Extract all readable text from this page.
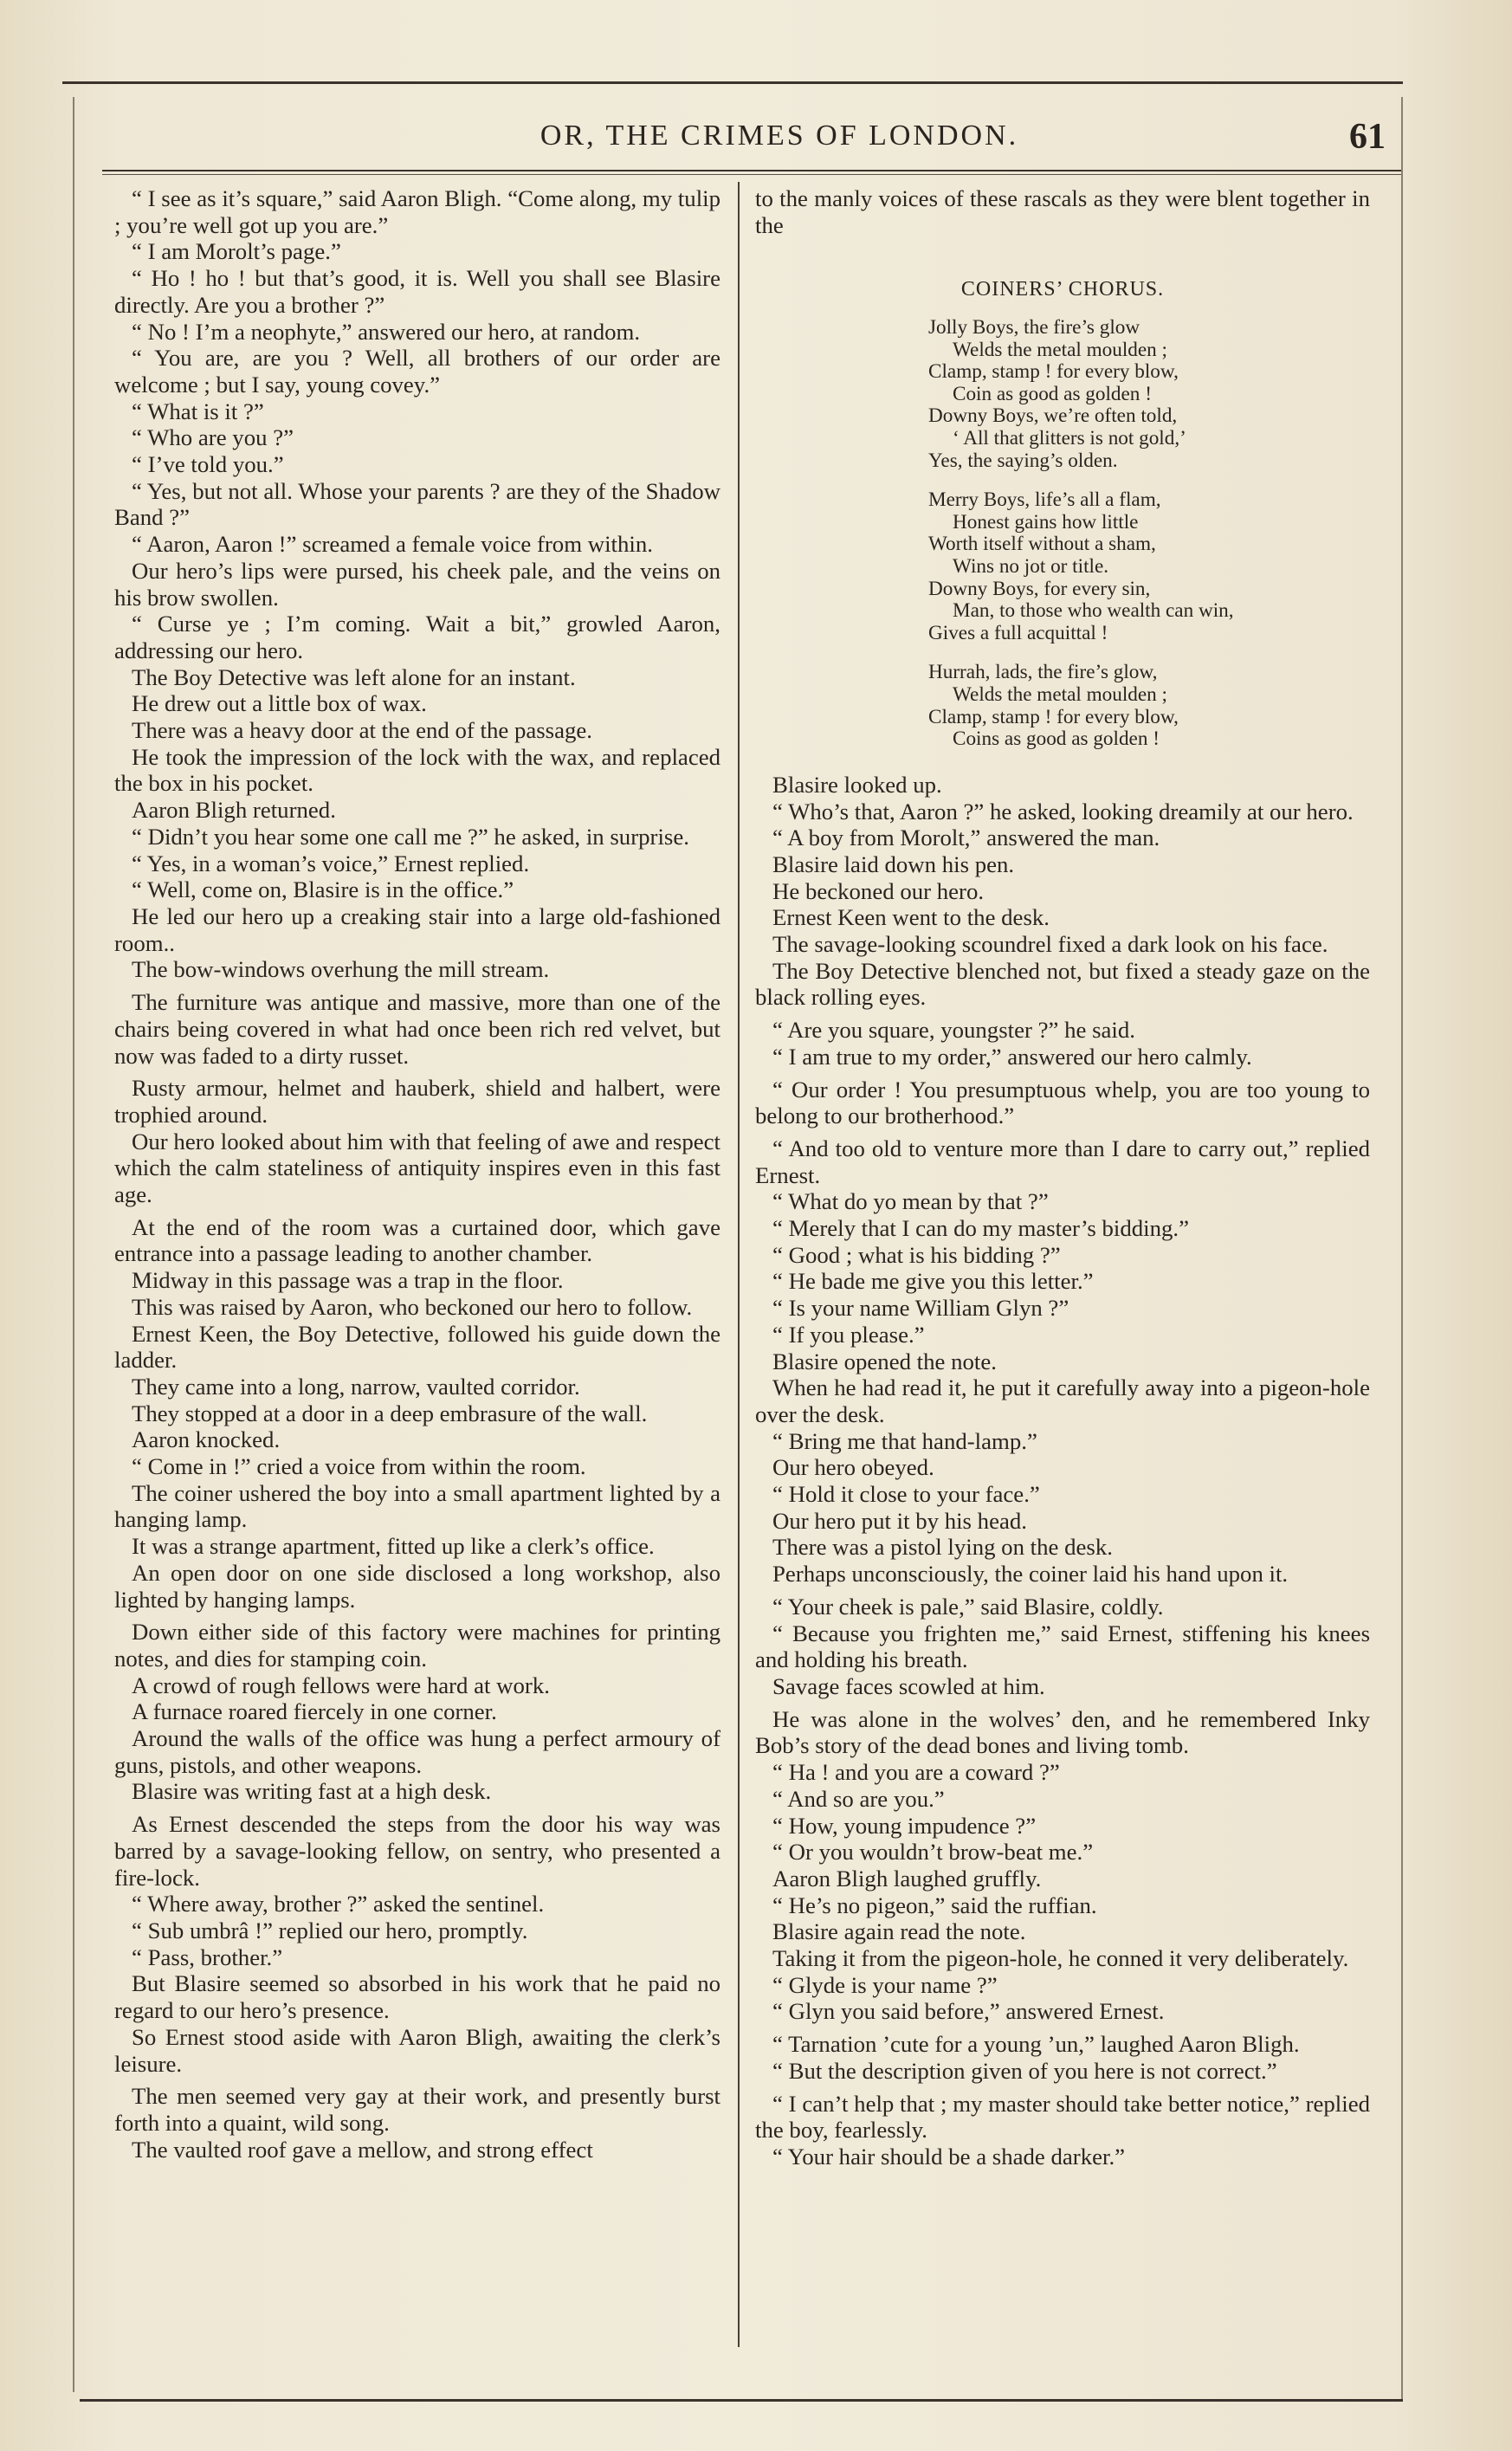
OR, THE CRIMES OF LONDON.	61

“ I see as it’s square,” said Aaron Bligh. “Come along, my tulip ; you’re well got up you are.”

“ I am Morolt’s page.”

“ Ho ! ho ! but that’s good, it is. Well you shall see Blasire directly. Are you a brother ?”

“ No ! I’m a neophyte,” answered our hero, at random.

“ You are, are you ? Well, all brothers of our order are welcome ; but I say, young covey.”

“ What is it ?”

“ Who are you ?”

“ I’ve told you.”

“ Yes, but not all. Whose your parents ? are they of the Shadow Band ?”

“ Aaron, Aaron !” screamed a female voice from within.

Our hero’s lips were pursed, his cheek pale, and the veins on his brow swollen.

“ Curse ye ; I’m coming. Wait a bit,” growled Aaron, addressing our hero.

The Boy Detective was left alone for an instant.

He drew out a little box of wax.

There was a heavy door at the end of the passage.

He took the impression of the lock with the wax, and replaced the box in his pocket.

Aaron Bligh returned.

“ Didn’t you hear some one call me ?” he asked, in surprise.

“ Yes, in a woman’s voice,” Ernest replied.

“ Well, come on, Blasire is in the office.”

He led our hero up a creaking stair into a large old-fashioned room..

The bow-windows overhung the mill stream.

The furniture was antique and massive, more than one of the chairs being covered in what had once been rich red velvet, but now was faded to a dirty russet.

Rusty armour, helmet and hauberk, shield and halbert, were trophied around.

Our hero looked about him with that feeling of awe and respect which the calm stateliness of antiquity inspires even in this fast age.

At the end of the room was a curtained door, which gave entrance into a passage leading to another chamber.

Midway in this passage was a trap in the floor.

This was raised by Aaron, who beckoned our hero to follow.

Ernest Keen, the Boy Detective, followed his guide down the ladder.

They came into a long, narrow, vaulted corridor.

They stopped at a door in a deep embrasure of the wall.

Aaron knocked.

“ Come in !” cried a voice from within the room.

The coiner ushered the boy into a small apartment lighted by a hanging lamp.

It was a strange apartment, fitted up like a clerk’s office.

An open door on one side disclosed a long workshop, also lighted by hanging lamps.

Down either side of this factory were machines for printing notes, and dies for stamping coin.

A crowd of rough fellows were hard at work.

A furnace roared fiercely in one corner.

Around the walls of the office was hung a perfect armoury of guns, pistols, and other weapons.

Blasire was writing fast at a high desk.

As Ernest descended the steps from the door his way was barred by a savage-looking fellow, on sentry, who presented a fire-lock.

“ Where away, brother ?” asked the sentinel.

“ Sub umbrâ !” replied our hero, promptly.

“ Pass, brother.”

But Blasire seemed so absorbed in his work that he paid no regard to our hero’s presence.

So Ernest stood aside with Aaron Bligh, awaiting the clerk’s leisure.

The men seemed very gay at their work, and presently burst forth into a quaint, wild song.

The vaulted roof gave a mellow, and strong effect

to the manly voices of these rascals as they were blent together in the

COINERS’ CHORUS.
Jolly Boys, the fire’s glow
Welds the metal moulden ;
Clamp, stamp ! for every blow,
Coin as good as golden !
Downy Boys, we’re often told,
‘ All that glitters is not gold,’
Yes, the saying’s olden.
Merry Boys, life’s all a flam,
Honest gains how little
Worth itself without a sham,
Wins no jot or title.
Downy Boys, for every sin,
Man, to those who wealth can win,
Gives a full acquittal !
Hurrah, lads, the fire’s glow,
Welds the metal moulden ;
Clamp, stamp ! for every blow,
Coins as good as golden !

Blasire looked up.

“ Who’s that, Aaron ?” he asked, looking dreamily at our hero.

“ A boy from Morolt,” answered the man.

Blasire laid down his pen.

He beckoned our hero.

Ernest Keen went to the desk.

The savage-looking scoundrel fixed a dark look on his face.

The Boy Detective blenched not, but fixed a steady gaze on the black rolling eyes.

“ Are you square, youngster ?” he said.

“ I am true to my order,” answered our hero calmly.

“ Our order ! You presumptuous whelp, you are too young to belong to our brotherhood.”

“ And too old to venture more than I dare to carry out,” replied Ernest.

“ What do yo mean by that ?”

“ Merely that I can do my master’s bidding.”

“ Good ; what is his bidding ?”

“ He bade me give you this letter.”

“ Is your name William Glyn ?”

“ If you please.”

Blasire opened the note.

When he had read it, he put it carefully away into a pigeon-hole over the desk.

“ Bring me that hand-lamp.”

Our hero obeyed.

“ Hold it close to your face.”

Our hero put it by his head.

There was a pistol lying on the desk.

Perhaps unconsciously, the coiner laid his hand upon it.

“ Your cheek is pale,” said Blasire, coldly.

“ Because you frighten me,” said Ernest, stiffening his knees and holding his breath.

Savage faces scowled at him.

He was alone in the wolves’ den, and he remembered Inky Bob’s story of the dead bones and living tomb.

“ Ha ! and you are a coward ?”

“ And so are you.”

“ How, young impudence ?”

“ Or you wouldn’t brow-beat me.”

Aaron Bligh laughed gruffly.

“ He’s no pigeon,” said the ruffian.

Blasire again read the note.

Taking it from the pigeon-hole, he conned it very deliberately.

“ Glyde is your name ?”

“ Glyn you said before,” answered Ernest.

“ Tarnation ’cute for a young ’un,” laughed Aaron Bligh.

“ But the description given of you here is not correct.”

“ I can’t help that ; my master should take better notice,” replied the boy, fearlessly.

“ Your hair should be a shade darker.”
